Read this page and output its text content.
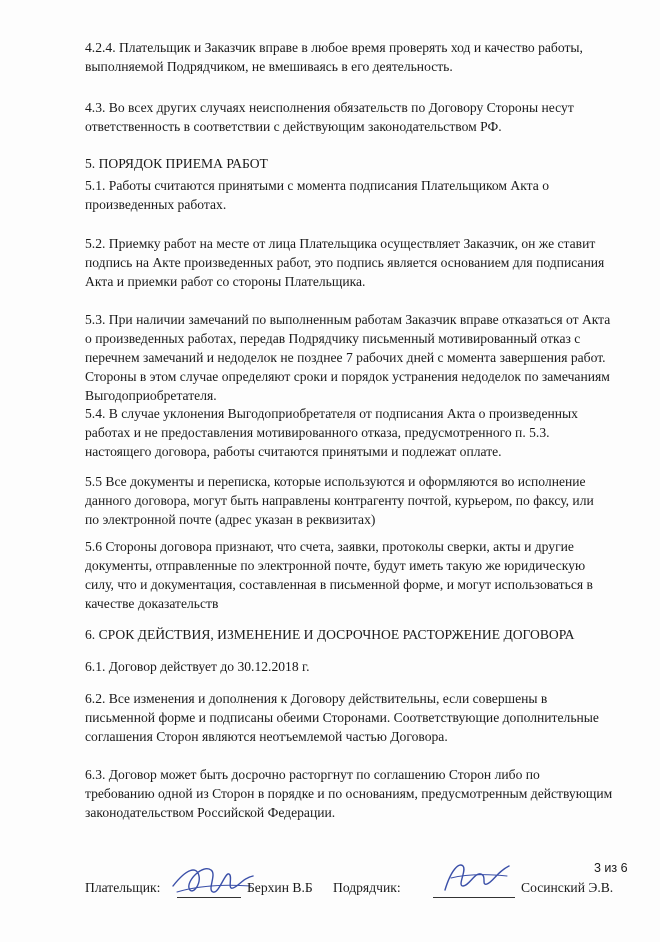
4.2.4. Плательщик и Заказчик вправе в любое время проверять ход и качество работы,
выполняемой Подрядчиком, не вмешиваясь в его деятельность.

4.3. Во всех других случаях неисполнения обязательств по Договору Стороны несут
ответственность в соответствии с действующим законодательством РФ.

5. ПОРЯДОК ПРИЕМА РАБОТ

5.1. Работы считаются принятыми с момента подписания Плательщиком Акта о
произведенных работах.

5.2. Приемку работ на месте от лица Плательщика осуществляет Заказчик, он же ставит
подпись на Акте произведенных работ, это подпись является основанием для подписания
Акта и приемки работ со стороны Плательщика.

5.3. При наличии замечаний по выполненным работам Заказчик вправе отказаться от Акта
о произведенных работах, передав Подрядчику письменный мотивированный отказ с
перечнем замечаний и недоделок не позднее 7 рабочих дней с момента завершения работ.
Стороны в этом случае определяют сроки и порядок устранения недоделок по замечаниям
Выгодоприобретателя.

5.4. В случае уклонения Выгодоприобретателя от подписания Акта о произведенных
работах и не предоставления мотивированного отказа, предусмотренного п. 5.3.
настоящего договора, работы считаются принятыми и подлежат оплате.

5.5 Все документы и переписка, которые используются и оформляются во исполнение
данного договора, могут быть направлены контрагенту почтой, курьером, по факсу, или
по электронной почте (адрес указан в реквизитах)

5.6 Стороны договора признают, что счета, заявки, протоколы сверки, акты и другие
документы, отправленные по электронной почте, будут иметь такую же юридическую
силу, что и документация, составленная в письменной форме, и могут использоваться в
качестве доказательств

6. СРОК ДЕЙСТВИЯ, ИЗМЕНЕНИЕ И ДОСРОЧНОЕ РАСТОРЖЕНИЕ ДОГОВОРА

6.1. Договор действует до 30.12.2018 г.

6.2. Все изменения и дополнения к Договору действительны, если совершены в
письменной форме и подписаны обеими Сторонами. Соответствующие дополнительные
соглашения Сторон являются неотъемлемой частью Договора.

6.3. Договор может быть досрочно расторгнут по соглашению Сторон либо по
требованию одной из Сторон в порядке и по основаниям, предусмотренным действующим
законодательством Российской Федерации.

3 из 6
Плательщик:	Берхин В.Б Подрядчик:	Сосинский Э.В.
